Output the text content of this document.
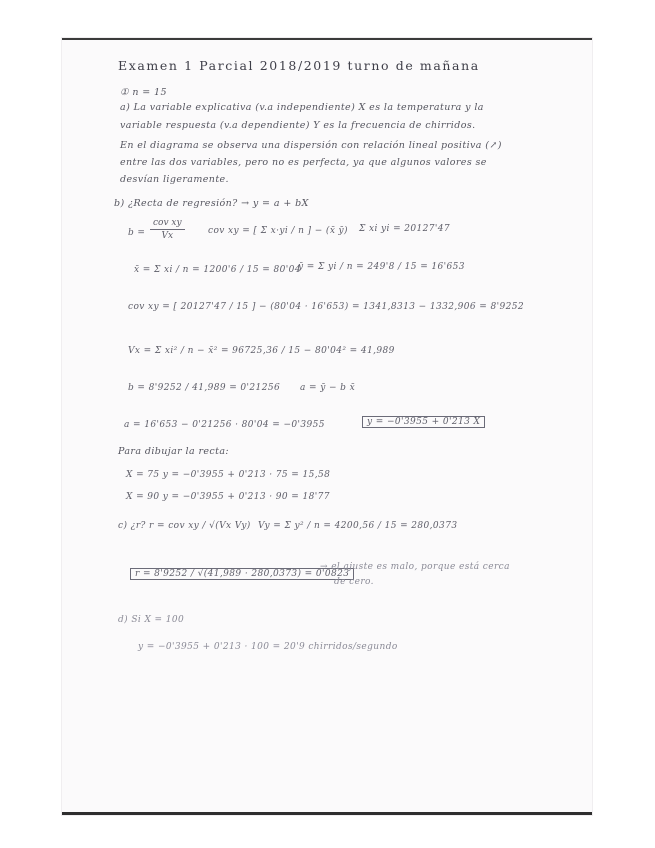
Examen 1 Parcial 2018/2019 turno de mañana
① n = 15
a) La variable explicativa (v.a independiente) X es la temperatura y la
variable respuesta (v.a dependiente) Y es la frecuencia de chirridos.
En el diagrama se observa una dispersión con relación lineal positiva (↗)
entre las dos variables, pero no es perfecta, ya que algunos valores se
desvían ligeramente.
b) ¿Recta de regresión? → y = a + bX
b =
cov xy
Vx	cov xy = [ Σ x·yi / n ] − (x̄ ȳ) Σ xi yi = 20127'47
x̄ = Σ xi / n = 1200'6 / 15 = 80'04
ȳ = Σ yi / n = 249'8 / 15 = 16'653
cov xy = [ 20127'47 / 15 ] − (80'04 · 16'653) = 1341,8313 − 1332,906 = 8'9252
Vx = Σ xi² / n − x̄² = 96725,36 / 15 − 80'04² = 41,989
b = 8'9252 / 41,989 = 0'21256 a = ȳ − b x̄
a = 16'653 − 0'21256 · 80'04 = −0'3955	y = −0'3955 + 0'213 X
Para dibujar la recta:
X = 75 y = −0'3955 + 0'213 · 75 = 15,58
X = 90 y = −0'3955 + 0'213 · 90 = 18'77
c) ¿r? r = cov xy / √(Vx Vy) Vy = Σ y² / n = 4200,56 / 15 = 280,0373
r = 8'9252 / √(41,989 · 280,0373) = 0'0823
→ el ajuste es malo, porque está cerca
de cero.
d) Si X = 100
y = −0'3955 + 0'213 · 100 = 20'9 chirridos/segundo
